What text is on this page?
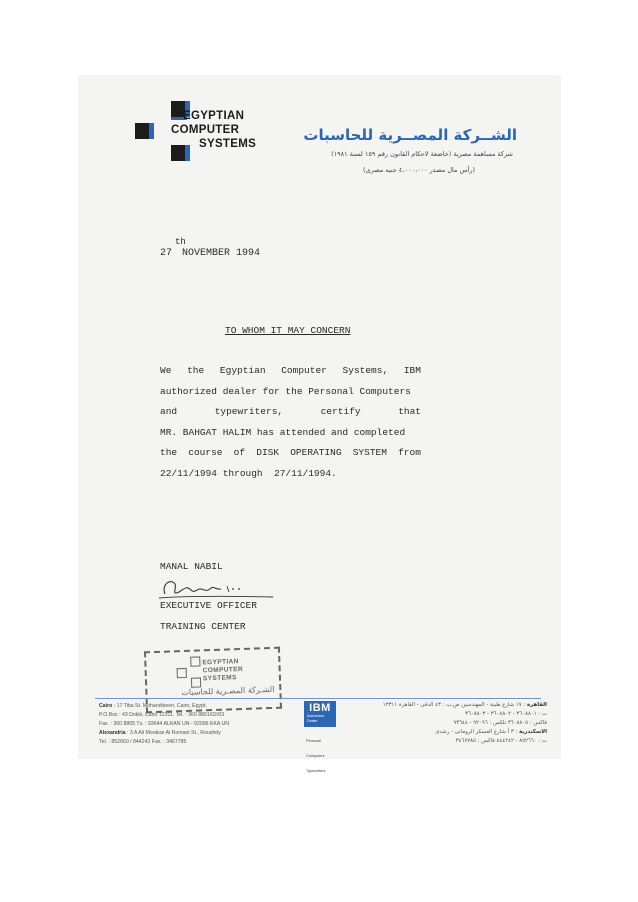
EGYPTIAN
COMPUTER
SYSTEMS	الشــركة المصــرية للحاسبات
شركة مساهمة مصرية (خاضعة لاحكام القانون رقم ١٥٩ لسنة ١٩٨١)
(رأس مال مصدر ٤،٠٠٠،٠٠٠ جنيه مصرى)
th
27 NOVEMBER 1994
TO WHOM IT MAY CONCERN
We the Egyptian Computer Systems, IBM
authorized dealer for the Personal Computers
and	typewriters,	certify	that
MR. BAHGAT HALIM has attended and completed
the course of DISK OPERATING SYSTEM from
22/11/1994 through  27/11/1994.
MANAL NABIL
EXECUTIVE OFFICER
TRAINING CENTER
EGYPTIAN
COMPUTER
SYSTEMS
الشـركة المصـرية للحاسبات
Cairo : 17 Tiba St. Mohandiseen, Cairo, Egypt.
P.O.Box : 43 Dokki, Cairo 12311. Tel. : 360 8801/02/03
Fax. : 360 8805 Tx. : 93644 ALKAN UN - 92096 EKA UN
Alexandria : 3 A Ali Morakar Al Romani St., Roushdy
Tel. : 852660 / 844242 Fax. : 3467785
IBM
Authorized
Dealer

Personal

Computers

Typewriters

القاهرة : ١٧ شارع طيبة - المهندسين ص.ب : ٤٣ الدقى - القاهرة ١٢٣١١
ت : ٣٦٠٨٨٠١ - ٣٦٠٨٨٠٢ - ٣٦٠٨٨٠٣
فاكس : ٣٦٠٨٨٠٥ تلكس : ٩٢٠٩٦ - ٩٣٦٤٤
الاسكندرية : ٣ أ شارع العسكر الرومانى - رشدى
ت : ٨٥٢٦٦٠ - ٨٤٤٢٤٢ فاكس : ٣٤٦٧٧٨٥
